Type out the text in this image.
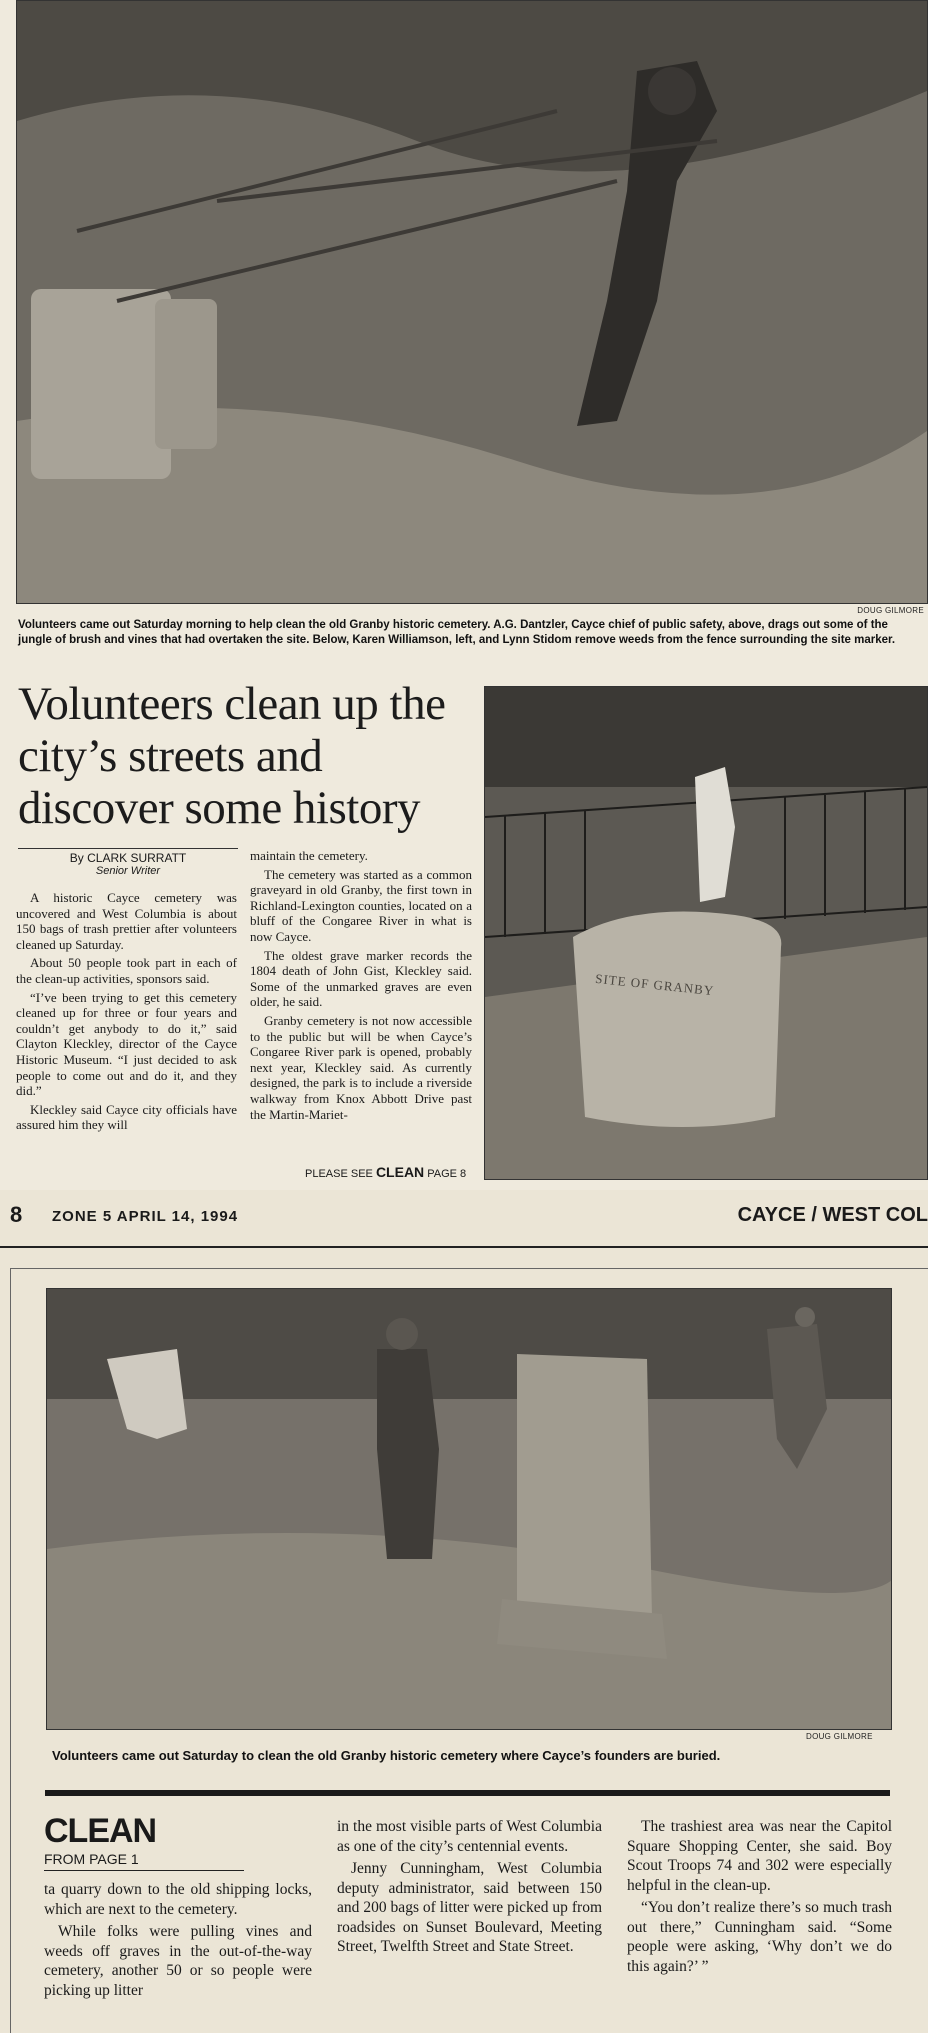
DOUG GILMORE
Volunteers came out Saturday morning to help clean the old Granby historic cemetery. A.G. Dantzler, Cayce chief of public safety, above, drags out some of the jungle of brush and vines that had overtaken the site. Below, Karen Williamson, left, and Lynn Stidom remove weeds from the fence surrounding the site marker.
Volunteers clean up the city’s streets and discover some history
By CLARK SURRATT
Senior Writer

A historic Cayce cemetery was uncovered and West Columbia is about 150 bags of trash prettier after volunteers cleaned up Saturday.

About 50 people took part in each of the clean-up activities, sponsors said.

“I’ve been trying to get this cemetery cleaned up for three or four years and couldn’t get anybody to do it,” said Clayton Kleckley, director of the Cayce Historic Museum. “I just decided to ask people to come out and do it, and they did.”

Kleckley said Cayce city officials have assured him they will

maintain the cemetery.

The cemetery was started as a common graveyard in old Granby, the first town in Richland-Lexington counties, located on a bluff of the Congaree River in what is now Cayce.

The oldest grave marker records the 1804 death of John Gist, Kleckley said. Some of the unmarked graves are even older, he said.

Granby cemetery is not now accessible to the public but will be when Cayce’s Congaree River park is opened, probably next year, Kleckley said. As currently designed, the park is to include a riverside walkway from Knox Abbott Drive past the Martin-Mariet-

PLEASE SEE CLEAN PAGE 8
SITE OF GRANBY
8 ZONE 5 APRIL 14, 1994	CAYCE / WEST COL
DOUG GILMORE
Volunteers came out Saturday to clean the old Granby historic cemetery where Cayce’s founders are buried.
CLEAN
FROM PAGE 1

ta quarry down to the old shipping locks, which are next to the cemetery.

While folks were pulling vines and weeds off graves in the out-of-the-way cemetery, another 50 or so people were picking up litter

in the most visible parts of West Columbia as one of the city’s centennial events.

Jenny Cunningham, West Columbia deputy administrator, said between 150 and 200 bags of litter were picked up from roadsides on Sunset Boulevard, Meeting Street, Twelfth Street and State Street.

The trashiest area was near the Capitol Square Shopping Center, she said. Boy Scout Troops 74 and 302 were especially helpful in the clean-up.

“You don’t realize there’s so much trash out there,” Cunningham said. “Some people were asking, ‘Why don’t we do this again?’ ”
